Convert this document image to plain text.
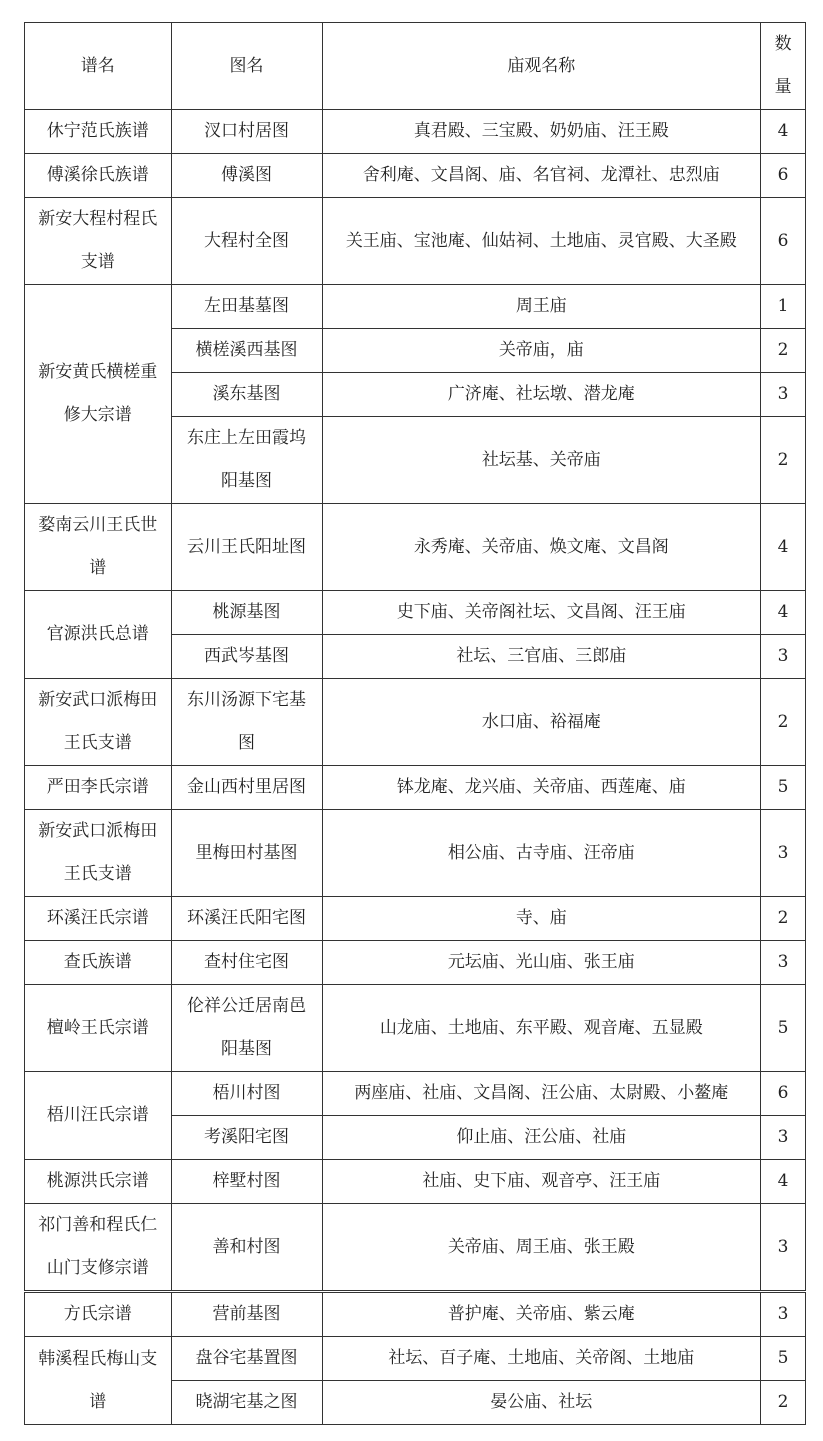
谱名	图名	庙观名称	数量
休宁范氏族谱	汊口村居图	真君殿、三宝殿、奶奶庙、汪王殿	4
傅溪徐氏族谱	傅溪图	舍利庵、文昌阁、庙、名官祠、龙潭社、忠烈庙	6
新安大程村程氏支谱	大程村全图	关王庙、宝池庵、仙姑祠、土地庙、灵官殿、大圣殿	6
新安黄氏横槎重修大宗谱	左田基墓图	周王庙	1
	横槎溪西基图	关帝庙，庙	2
	溪东基图	广济庵、社坛墩、潜龙庵	3
	东庄上左田霞坞阳基图	社坛基、关帝庙	2
婺南云川王氏世谱	云川王氏阳址图	永秀庵、关帝庙、焕文庵、文昌阁	4
官源洪氏总谱	桃源基图	史下庙、关帝阁社坛、文昌阁、汪王庙	4
	西武岑基图	社坛、三官庙、三郎庙	3
新安武口派梅田王氏支谱	东川汤源下宅基图	水口庙、裕福庵	2
严田李氏宗谱	金山西村里居图	钵龙庵、龙兴庙、关帝庙、西莲庵、庙	5
新安武口派梅田王氏支谱	里梅田村基图	相公庙、古寺庙、汪帝庙	3
环溪汪氏宗谱	环溪汪氏阳宅图	寺、庙	2
查氏族谱	查村住宅图	元坛庙、光山庙、张王庙	3
檀岭王氏宗谱	伦祥公迁居南邑阳基图	山龙庙、土地庙、东平殿、观音庵、五显殿	5
梧川汪氏宗谱	梧川村图	两座庙、社庙、文昌阁、汪公庙、太尉殿、小鳌庵	6
	考溪阳宅图	仰止庙、汪公庙、社庙	3
桃源洪氏宗谱	梓墅村图	社庙、史下庙、观音亭、汪王庙	4
祁门善和程氏仁山门支修宗谱	善和村图	关帝庙、周王庙、张王殿	3
方氏宗谱	营前基图	普护庵、关帝庙、紫云庵	3
韩溪程氏梅山支谱	盘谷宅基置图	社坛、百子庵、土地庙、关帝阁、土地庙	5
	晓湖宅基之图	晏公庙、社坛	2
